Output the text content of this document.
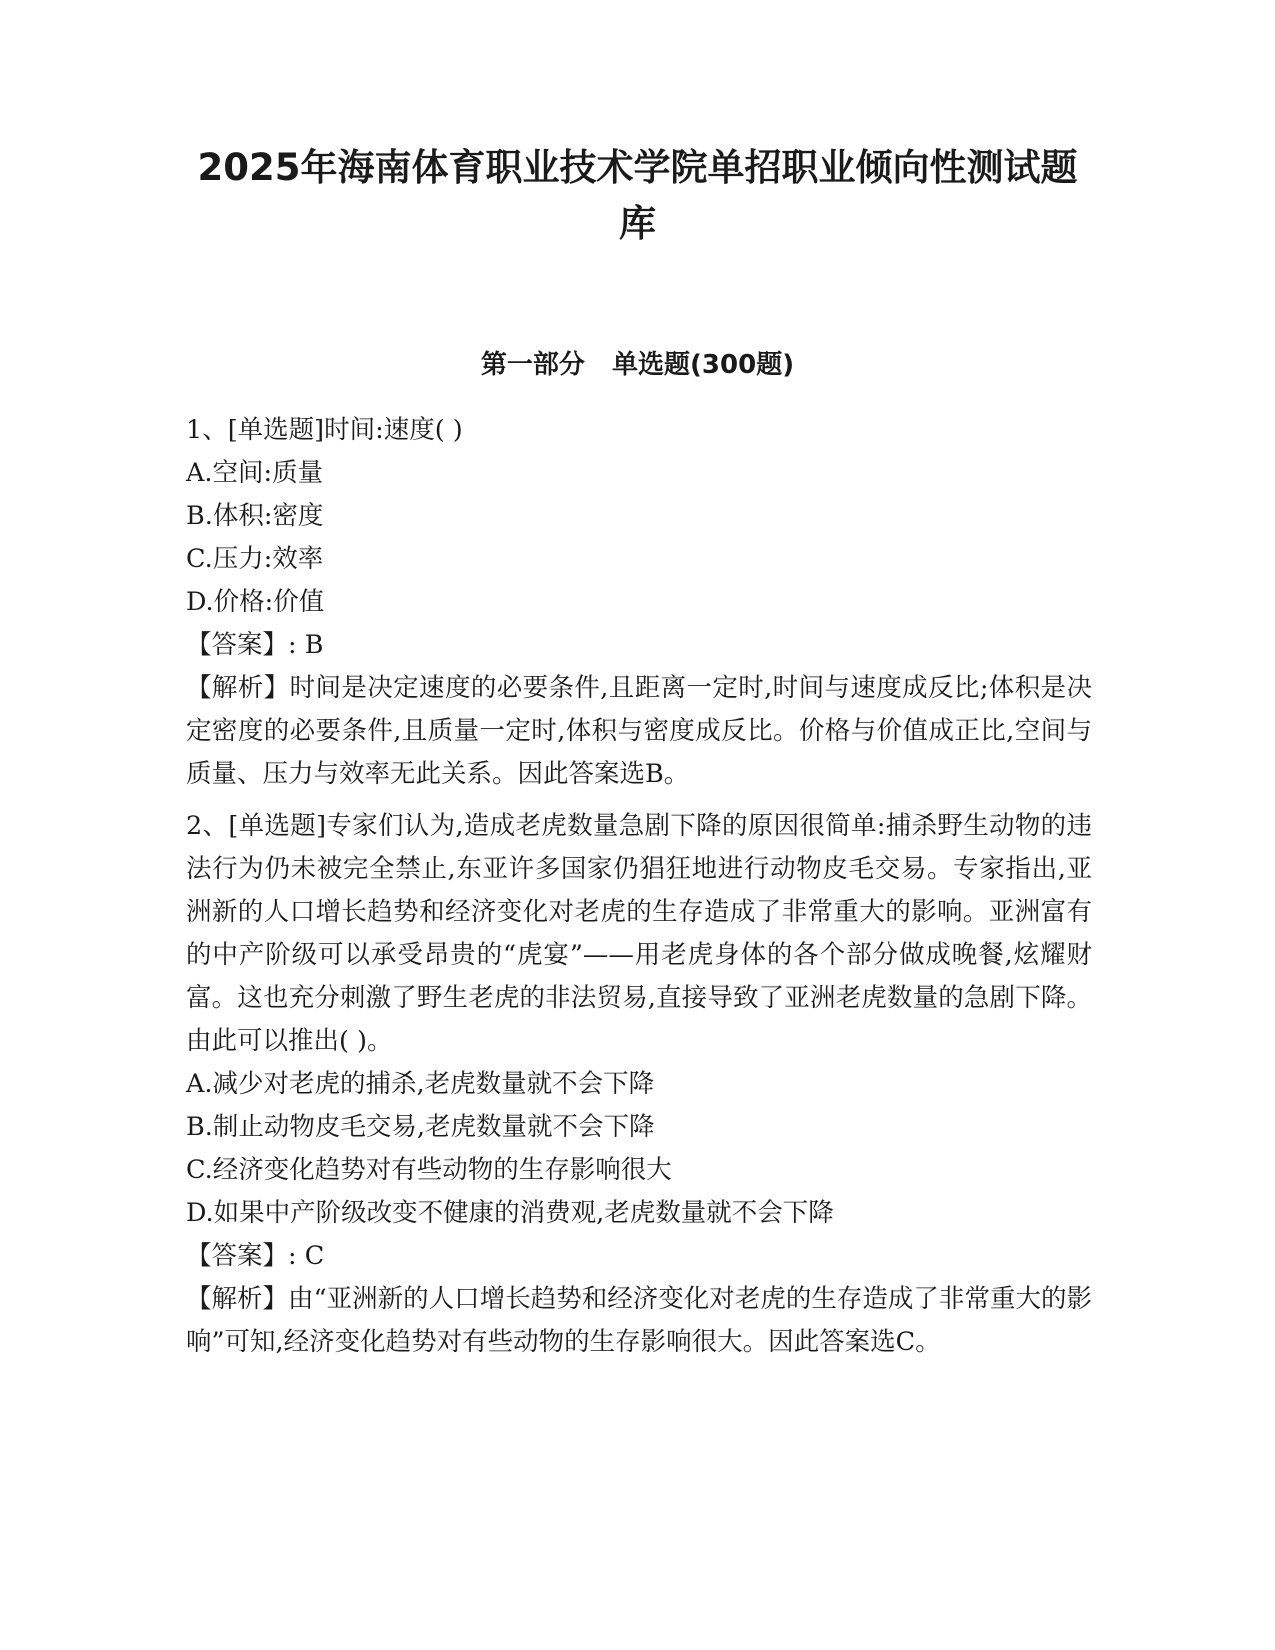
2025年海南体育职业技术学院单招职业倾向性测试题库
第一部分   单选题(300题)
1、[单选题]时间:速度( )
A.空间:质量
B.体积:密度
C.压力:效率
D.价格:价值
【答案】: B
【解析】时间是决定速度的必要条件,且距离一定时,时间与速度成反比;体积是决定密度的必要条件,且质量一定时,体积与密度成反比。价格与价值成正比,空间与质量、压力与效率无此关系。因此答案选B。
2、[单选题]专家们认为,造成老虎数量急剧下降的原因很简单:捕杀野生动物的违法行为仍未被完全禁止,东亚许多国家仍猖狂地进行动物皮毛交易。专家指出,亚洲新的人口增长趋势和经济变化对老虎的生存造成了非常重大的影响。亚洲富有的中产阶级可以承受昂贵的“虎宴”——用老虎身体的各个部分做成晚餐,炫耀财富。这也充分刺激了野生老虎的非法贸易,直接导致了亚洲老虎数量的急剧下降。由此可以推出( )。
A.减少对老虎的捕杀,老虎数量就不会下降
B.制止动物皮毛交易,老虎数量就不会下降
C.经济变化趋势对有些动物的生存影响很大
D.如果中产阶级改变不健康的消费观,老虎数量就不会下降
【答案】: C
【解析】由“亚洲新的人口增长趋势和经济变化对老虎的生存造成了非常重大的影响”可知,经济变化趋势对有些动物的生存影响很大。因此答案选C。
